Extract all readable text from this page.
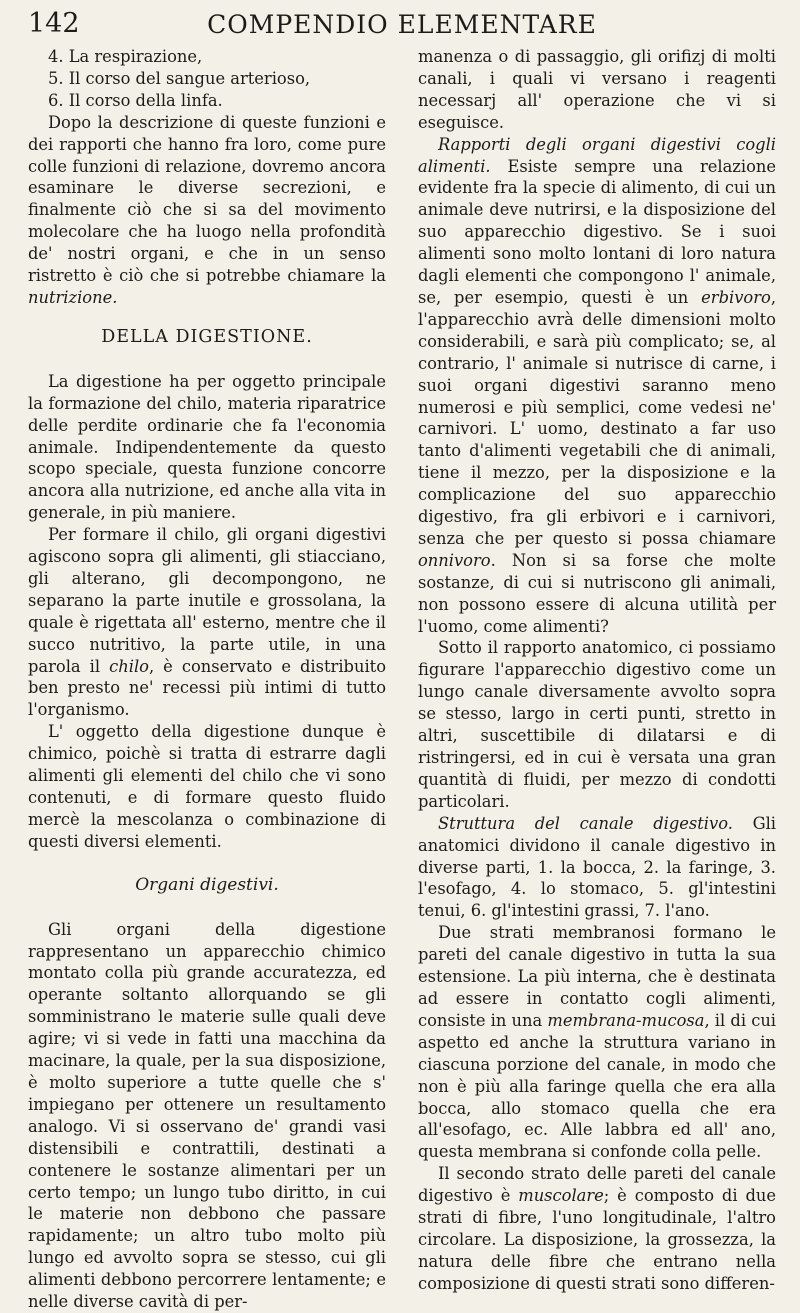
142	COMPENDIO ELEMENTARE

4. La respirazione,

5. Il corso del sangue arterioso,

6. Il corso della linfa.

Dopo la descrizione di queste funzioni e dei rapporti che hanno fra loro, come pure colle funzioni di relazione, dovremo ancora esaminare le diverse secrezioni, e finalmente ciò che si sa del movimento molecolare che ha luogo nella profondità de' nostri organi, e che in un senso ristretto è ciò che si potrebbe chiamare la nutrizione.

DELLA DIGESTIONE.

La digestione ha per oggetto principale la formazione del chilo, materia riparatrice delle perdite ordinarie che fa l'economia animale. Indipendentemente da questo scopo speciale, questa funzione concorre ancora alla nutrizione, ed anche alla vita in generale, in più maniere.

Per formare il chilo, gli organi digestivi agiscono sopra gli alimenti, gli stiacciano, gli alterano, gli decompongono, ne separano la parte inutile e grossolana, la quale è rigettata all' esterno, mentre che il succo nutritivo, la parte utile, in una parola il chilo, è conservato e distribuito ben presto ne' recessi più intimi di tutto l'organismo.

L' oggetto della digestione dunque è chimico, poichè si tratta di estrarre dagli alimenti gli elementi del chilo che vi sono contenuti, e di formare questo fluido mercè la mescolanza o combinazione di questi diversi elementi.

Organi digestivi.

Gli organi della digestione rappresentano un apparecchio chimico montato colla più grande accuratezza, ed operante soltanto allorquando se gli somministrano le materie sulle quali deve agire; vi si vede in fatti una macchina da macinare, la quale, per la sua disposizione, è molto superiore a tutte quelle che s' impiegano per ottenere un resultamento analogo. Vi si osservano de' grandi vasi distensibili e contrattili, destinati a contenere le sostanze alimentari per un certo tempo; un lungo tubo diritto, in cui le materie non debbono che passare rapidamente; un altro tubo molto più lungo ed avvolto sopra se stesso, cui gli alimenti debbono percorrere lentamente; e nelle diverse cavità di per-

manenza o di passaggio, gli orifizj di molti canali, i quali vi versano i reagenti necessarj all' operazione che vi si eseguisce.

Rapporti degli organi digestivi cogli alimenti. Esiste sempre una relazione evidente fra la specie di alimento, di cui un animale deve nutrirsi, e la disposizione del suo apparecchio digestivo. Se i suoi alimenti sono molto lontani di loro natura dagli elementi che compongono l' animale, se, per esempio, questi è un erbivoro, l'apparecchio avrà delle dimensioni molto considerabili, e sarà più complicato; se, al contrario, l' animale si nutrisce di carne, i suoi organi digestivi saranno meno numerosi e più semplici, come vedesi ne' carnivori. L' uomo, destinato a far uso tanto d'alimenti vegetabili che di animali, tiene il mezzo, per la disposizione e la complicazione del suo apparecchio digestivo, fra gli erbivori e i carnivori, senza che per questo si possa chiamare onnivoro. Non si sa forse che molte sostanze, di cui si nutriscono gli animali, non possono essere di alcuna utilità per l'uomo, come alimenti?

Sotto il rapporto anatomico, ci possiamo figurare l'apparecchio digestivo come un lungo canale diversamente avvolto sopra se stesso, largo in certi punti, stretto in altri, suscettibile di dilatarsi e di ristringersi, ed in cui è versata una gran quantità di fluidi, per mezzo di condotti particolari.

Struttura del canale digestivo. Gli anatomici dividono il canale digestivo in diverse parti, 1. la bocca, 2. la faringe, 3. l'esofago, 4. lo stomaco, 5. gl'intestini tenui, 6. gl'intestini grassi, 7. l'ano.

Due strati membranosi formano le pareti del canale digestivo in tutta la sua estensione. La più interna, che è destinata ad essere in contatto cogli alimenti, consiste in una membrana-mucosa, il di cui aspetto ed anche la struttura variano in ciascuna porzione del canale, in modo che non è più alla faringe quella che era alla bocca, allo stomaco quella che era all'esofago, ec. Alle labbra ed all' ano, questa membrana si confonde colla pelle.

Il secondo strato delle pareti del canale digestivo è muscolare; è composto di due strati di fibre, l'uno longitudinale, l'altro circolare. La disposizione, la grossezza, la natura delle fibre che entrano nella composizione di questi strati sono differen-
